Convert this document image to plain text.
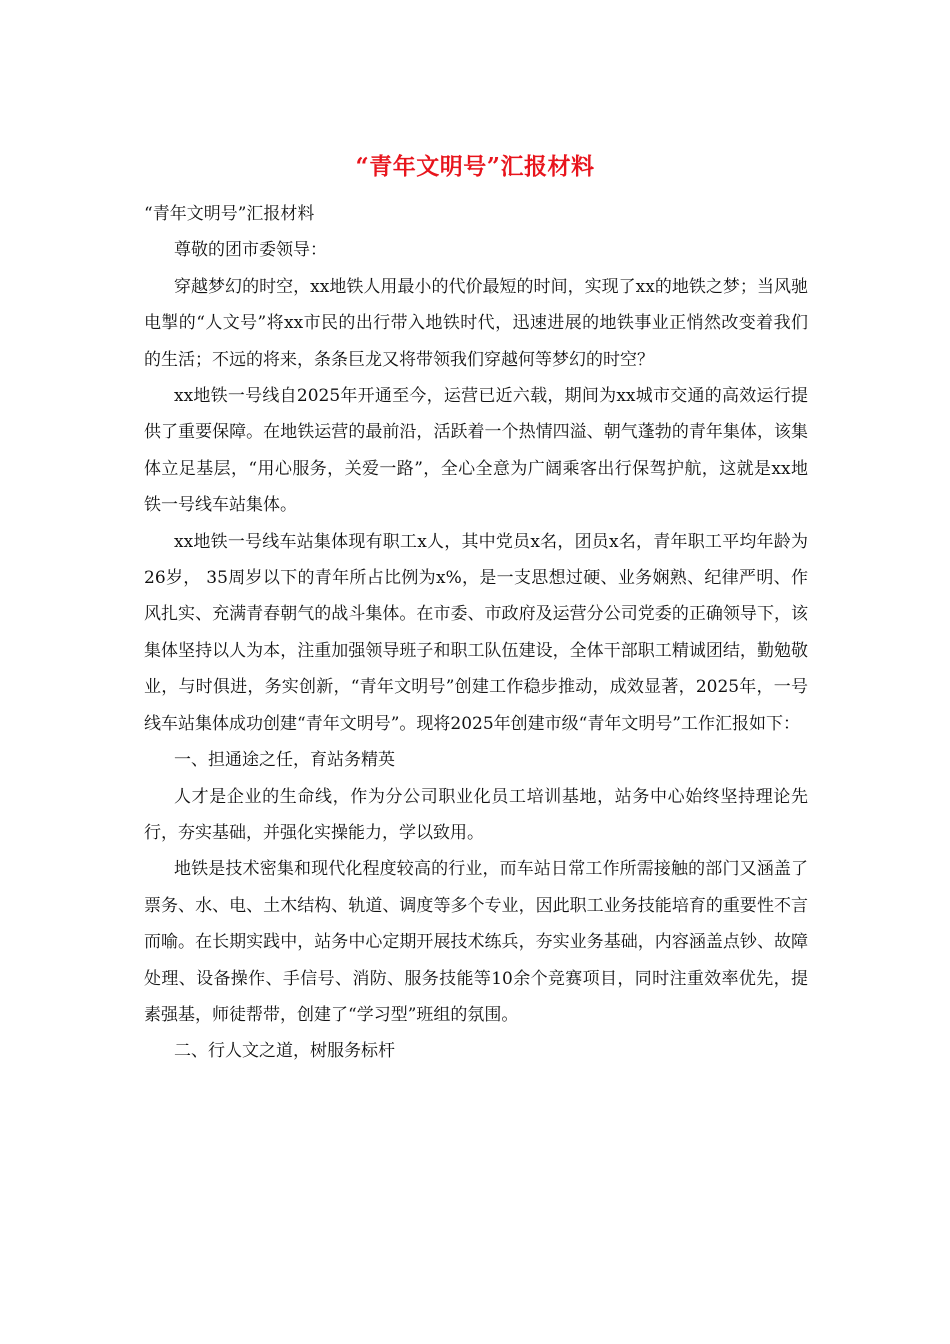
“青年文明号”汇报材料

“青年文明号”汇报材料

尊敬的团市委领导：

穿越梦幻的时空，xx地铁人用最小的代价最短的时间，实现了xx的地铁之梦；当风驰电掣的“人文号”将xx市民的出行带入地铁时代，迅速进展的地铁事业正悄然改变着我们的生活；不远的将来，条条巨龙又将带领我们穿越何等梦幻的时空？

xx地铁一号线自2025年开通至今，运营已近六载，期间为xx城市交通的高效运行提供了重要保障。在地铁运营的最前沿，活跃着一个热情四溢、朝气蓬勃的青年集体，该集体立足基层，“用心服务，关爱一路”，全心全意为广阔乘客出行保驾护航，这就是xx地铁一号线车站集体。

xx地铁一号线车站集体现有职工x人，其中党员x名，团员x名，青年职工平均年龄为26岁， 35周岁以下的青年所占比例为x%，是一支思想过硬、业务娴熟、纪律严明、作风扎实、充满青春朝气的战斗集体。在市委、市政府及运营分公司党委的正确领导下，该集体坚持以人为本，注重加强领导班子和职工队伍建设，全体干部职工精诚团结，勤勉敬业，与时俱进，务实创新，“青年文明号”创建工作稳步推动，成效显著，2025年，一号线车站集体成功创建“青年文明号”。现将2025年创建市级“青年文明号”工作汇报如下：

一、担通途之任，育站务精英

人才是企业的生命线，作为分公司职业化员工培训基地，站务中心始终坚持理论先行，夯实基础，并强化实操能力，学以致用。

地铁是技术密集和现代化程度较高的行业，而车站日常工作所需接触的部门又涵盖了票务、水、电、土木结构、轨道、调度等多个专业，因此职工业务技能培育的重要性不言而喻。在长期实践中，站务中心定期开展技术练兵，夯实业务基础，内容涵盖点钞、故障处理、设备操作、手信号、消防、服务技能等10余个竞赛项目，同时注重效率优先，提素强基，师徒帮带，创建了“学习型”班组的氛围。

二、行人文之道，树服务标杆
